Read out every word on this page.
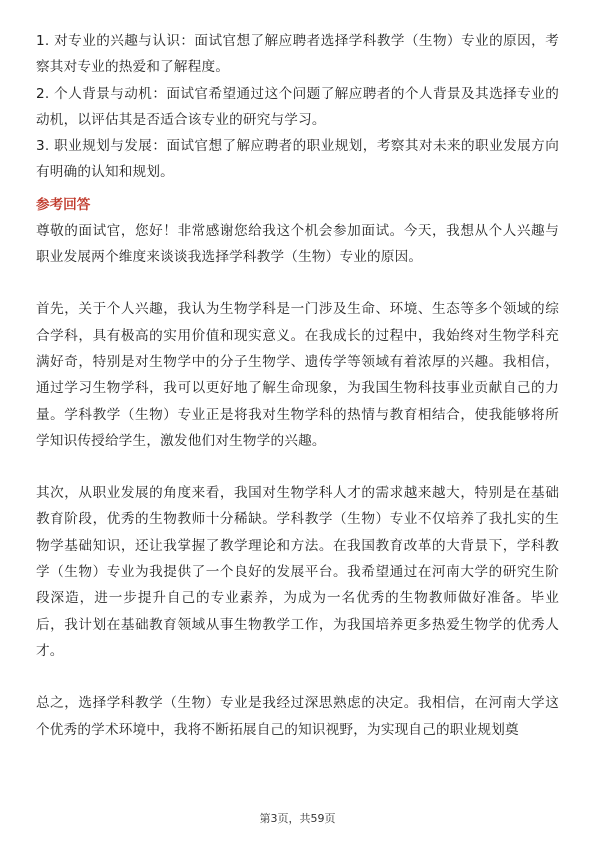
1. 对专业的兴趣与认识：面试官想了解应聘者选择学科教学（生物）专业的原因，考察其对专业的热爱和了解程度。

2. 个人背景与动机：面试官希望通过这个问题了解应聘者的个人背景及其选择专业的动机，以评估其是否适合该专业的研究与学习。

3. 职业规划与发展：面试官想了解应聘者的职业规划，考察其对未来的职业发展方向有明确的认知和规划。

参考回答

尊敬的面试官，您好！非常感谢您给我这个机会参加面试。今天，我想从个人兴趣与职业发展两个维度来谈谈我选择学科教学（生物）专业的原因。

首先，关于个人兴趣，我认为生物学科是一门涉及生命、环境、生态等多个领域的综合学科，具有极高的实用价值和现实意义。在我成长的过程中，我始终对生物学科充满好奇，特别是对生物学中的分子生物学、遗传学等领域有着浓厚的兴趣。我相信，通过学习生物学科，我可以更好地了解生命现象，为我国生物科技事业贡献自己的力量。学科教学（生物）专业正是将我对生物学科的热情与教育相结合，使我能够将所学知识传授给学生，激发他们对生物学的兴趣。

其次，从职业发展的角度来看，我国对生物学科人才的需求越来越大，特别是在基础教育阶段，优秀的生物教师十分稀缺。学科教学（生物）专业不仅培养了我扎实的生物学基础知识，还让我掌握了教学理论和方法。在我国教育改革的大背景下，学科教学（生物）专业为我提供了一个良好的发展平台。我希望通过在河南大学的研究生阶段深造，进一步提升自己的专业素养，为成为一名优秀的生物教师做好准备。毕业后，我计划在基础教育领域从事生物教学工作，为我国培养更多热爱生物学的优秀人才。

总之，选择学科教学（生物）专业是我经过深思熟虑的决定。我相信，在河南大学这个优秀的学术环境中，我将不断拓展自己的知识视野，为实现自己的职业规划奠

第3页，共59页
